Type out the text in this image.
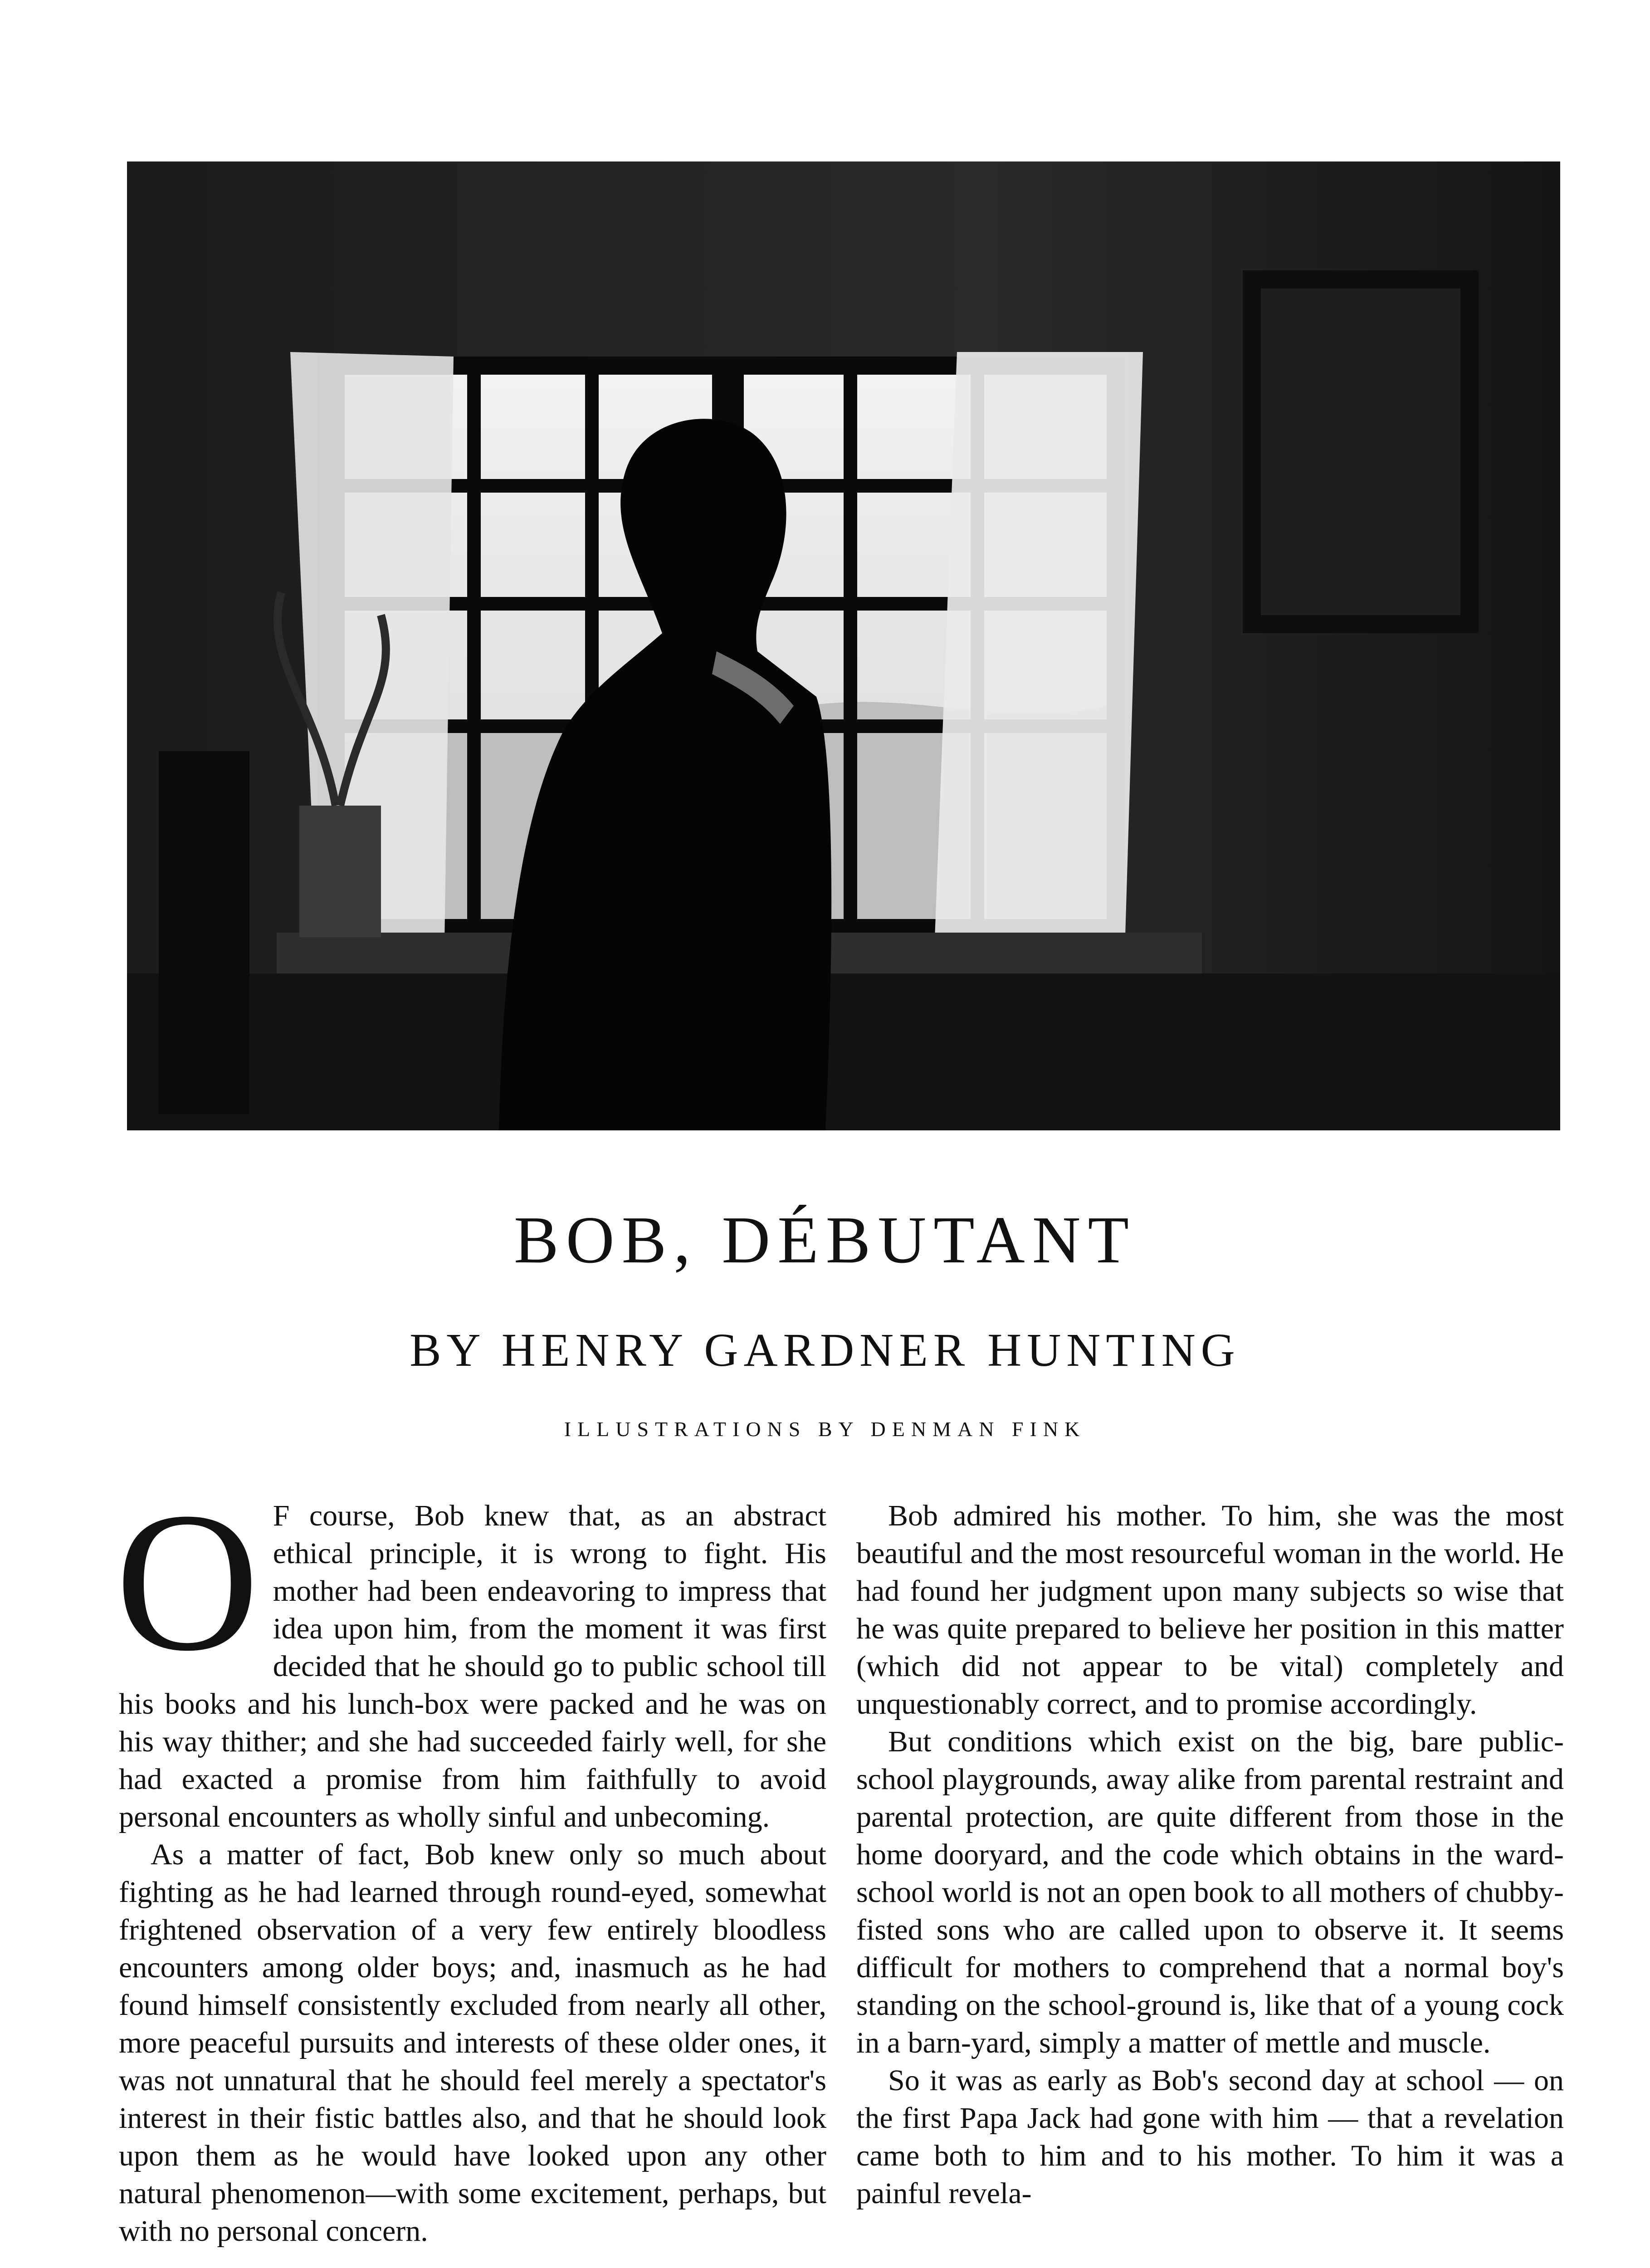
BOB, DÉBUTANT
BY HENRY GARDNER HUNTING
ILLUSTRATIONS BY DENMAN FINK
O F course, Bob knew that, as an abstract ethical principle, it is wrong to fight. His mother had been endeavoring to impress that idea upon him, from the moment it was first decided that he should go to public school till his books and his lunch-box were packed and he was on his way thither; and she had succeeded fairly well, for she had exacted a promise from him faithfully to avoid personal encounters as wholly sinful and unbecoming.

As a matter of fact, Bob knew only so much about fighting as he had learned through round-eyed, somewhat frightened observation of a very few entirely bloodless encounters among older boys; and, inasmuch as he had found himself consistently excluded from nearly all other, more peaceful pursuits and interests of these older ones, it was not unnatural that he should feel merely a spectator's interest in their fistic battles also, and that he should look upon them as he would have looked upon any other natural phenomenon—with some excitement, perhaps, but with no personal concern.

Bob admired his mother. To him, she was the most beautiful and the most resourceful woman in the world. He had found her judgment upon many subjects so wise that he was quite prepared to believe her position in this matter (which did not appear to be vital) completely and unquestionably correct, and to promise accordingly.

But conditions which exist on the big, bare public-school playgrounds, away alike from parental restraint and parental protection, are quite different from those in the home dooryard, and the code which obtains in the ward-school world is not an open book to all mothers of chubby-fisted sons who are called upon to observe it. It seems difficult for mothers to comprehend that a normal boy's standing on the school-ground is, like that of a young cock in a barn-yard, simply a matter of mettle and muscle.

So it was as early as Bob's second day at school — on the first Papa Jack had gone with him — that a revelation came both to him and to his mother. To him it was a painful revela-
